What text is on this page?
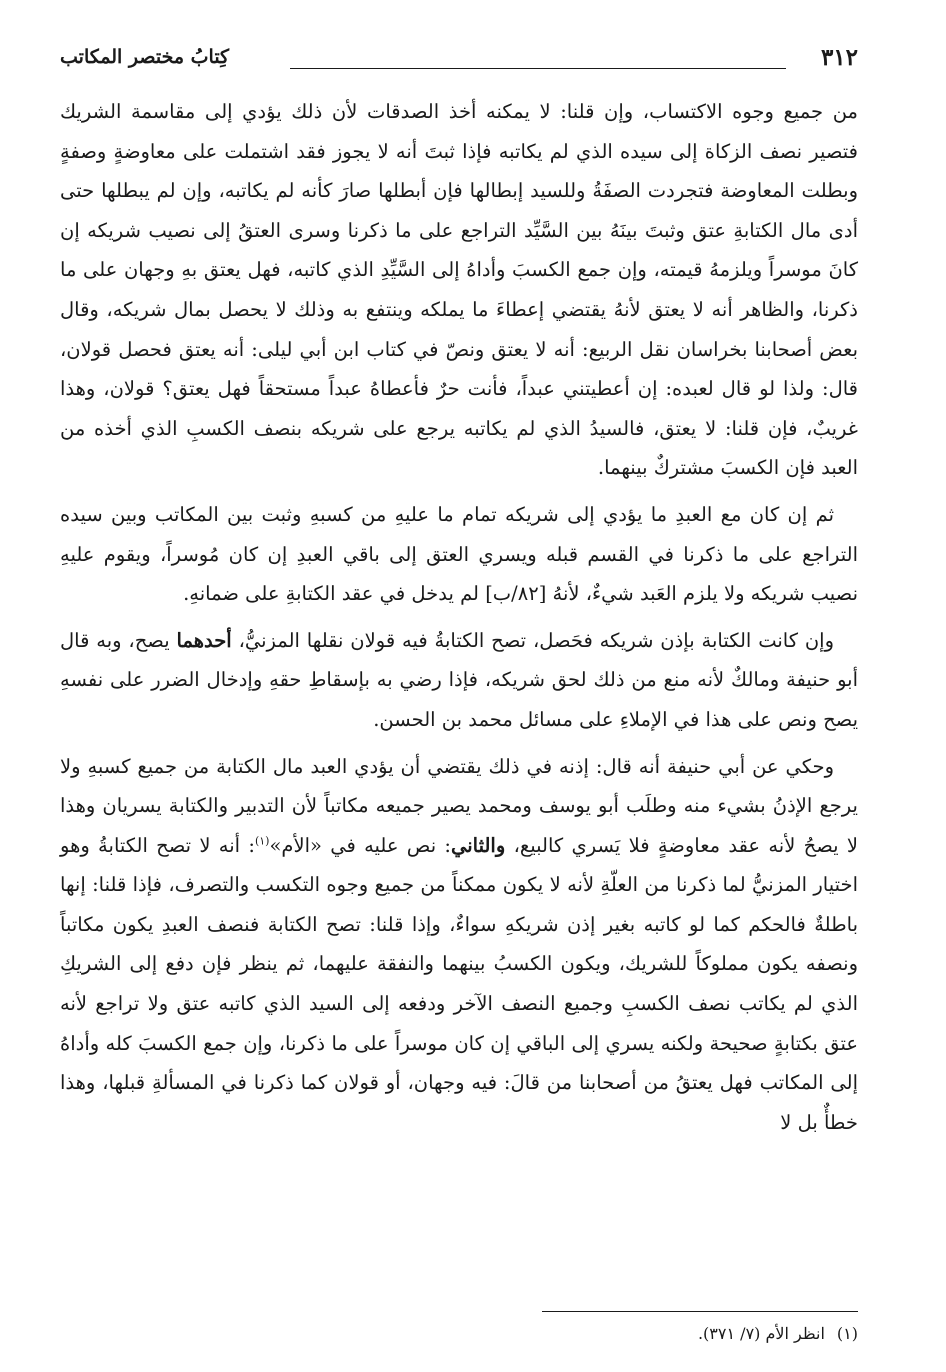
٣١٢
كِتابُ مختصر المكاتب

من جميع وجوه الاكتساب، وإن قلنا: لا يمكنه أخذ الصدقات لأن ذلك يؤدي إلى مقاسمة الشريك فتصير نصف الزكاة إلى سيده الذي لم يكاتبه فإذا ثبتَ أنه لا يجوز فقد اشتملت على معاوضةٍ وصفةٍ وبطلت المعاوضة فتجردت الصفَةُ وللسيد إبطالها فإن أبطلها صارَ كأنه لم يكاتبه، وإن لم يبطلها حتى أدى مال الكتابةِ عتق وثبتَ بينَهُ بين السَّيِّد التراجع على ما ذكرنا وسرى العتقُ إلى نصيب شريكه إن كانَ موسراً ويلزمهُ قيمته، وإن جمع الكسبَ وأداهُ إلى السَّيِّدِ الذي كاتبه، فهل يعتق بهِ وجهان على ما ذكرنا، والظاهر أنه لا يعتق لأنهُ يقتضي إعطاءَ ما يملكه وينتفع به وذلك لا يحصل بمال شريكه، وقال بعض أصحابنا بخراسان نقل الربيع: أنه لا يعتق ونصّ في كتاب ابن أبي ليلى: أنه يعتق فحصل قولان، قال: ولذا لو قال لعبده: إن أعطيتني عبداً، فأنت حرٌ فأعطاهُ عبداً مستحقاً فهل يعتق؟ قولان، وهذا غريبٌ، فإن قلنا: لا يعتق، فالسيدُ الذي لم يكاتبه يرجع على شريكه بنصف الكسبِ الذي أخذه من العبد فإن الكسبَ مشتركٌ بينهما.

ثم إن كان مع العبدِ ما يؤدي إلى شريكه تمام ما عليهِ من كسبهِ وثبت بين المكاتب وبين سيده التراجع على ما ذكرنا في القسم قبله ويسري العتق إلى باقي العبدِ إن كان مُوسراً، ويقوم عليهِ نصيب شريكه ولا يلزم العَبد شيءٌ، لأنهُ [٨٢/ب] لم يدخل في عقد الكتابةِ على ضمانهِ.

وإن كانت الكتابة بإذن شريكه فحَصل، تصح الكتابةُ فيه قولان نقلها المزنيُّ، أحدهما يصح، وبه قال أبو حنيفة ومالكٌ لأنه منع من ذلك لحق شريكه، فإذا رضي به بإسقاطِ حقهِ وإدخال الضرر على نفسهِ يصح ونص على هذا في الإملاءِ على مسائل محمد بن الحسن.

وحكي عن أبي حنيفة أنه قال: إذنه في ذلك يقتضي أن يؤدي العبد مال الكتابة من جميع كسبهِ ولا يرجع الإذنُ بشيء منه وطلَب أبو يوسف ومحمد يصير جميعه مكاتباً لأن التدبير والكتابة يسريان وهذا لا يصحُ لأنه عقد معاوضةٍ فلا يَسري كالبيع، والثاني: نص عليه في «الأم»$^{(١)}$: أنه لا تصح الكتابةُ وهو اختيار المزنيُّ لما ذكرنا من العلّةِ لأنه لا يكون ممكناً من جميع وجوه التكسب والتصرف، فإذا قلنا: إنها باطلةٌ فالحكم كما لو كاتبه بغير إذن شريكهِ سواءٌ، وإذا قلنا: تصح الكتابة فنصف العبدِ يكون مكاتباً ونصفه يكون مملوكاً للشريك، ويكون الكسبُ بينهما والنفقة عليهما، ثم ينظر فإن دفع إلى الشريكِ الذي لم يكاتب نصف الكسبِ وجميع النصف الآخر ودفعه إلى السيد الذي كاتبه عتق ولا تراجع لأنه عتق بكتابةٍ صحيحة ولكنه يسري إلى الباقي إن كان موسراً على ما ذكرنا، وإن جمع الكسبَ كله وأداهُ إلى المكاتب فهل يعتقُ من أصحابنا من قالَ: فيه وجهان، أو قولان كما ذكرنا في المسألةِ قبلها، وهذا خطأٌ بل لا

(١)انظر الأم (٧/ ٣٧١).
